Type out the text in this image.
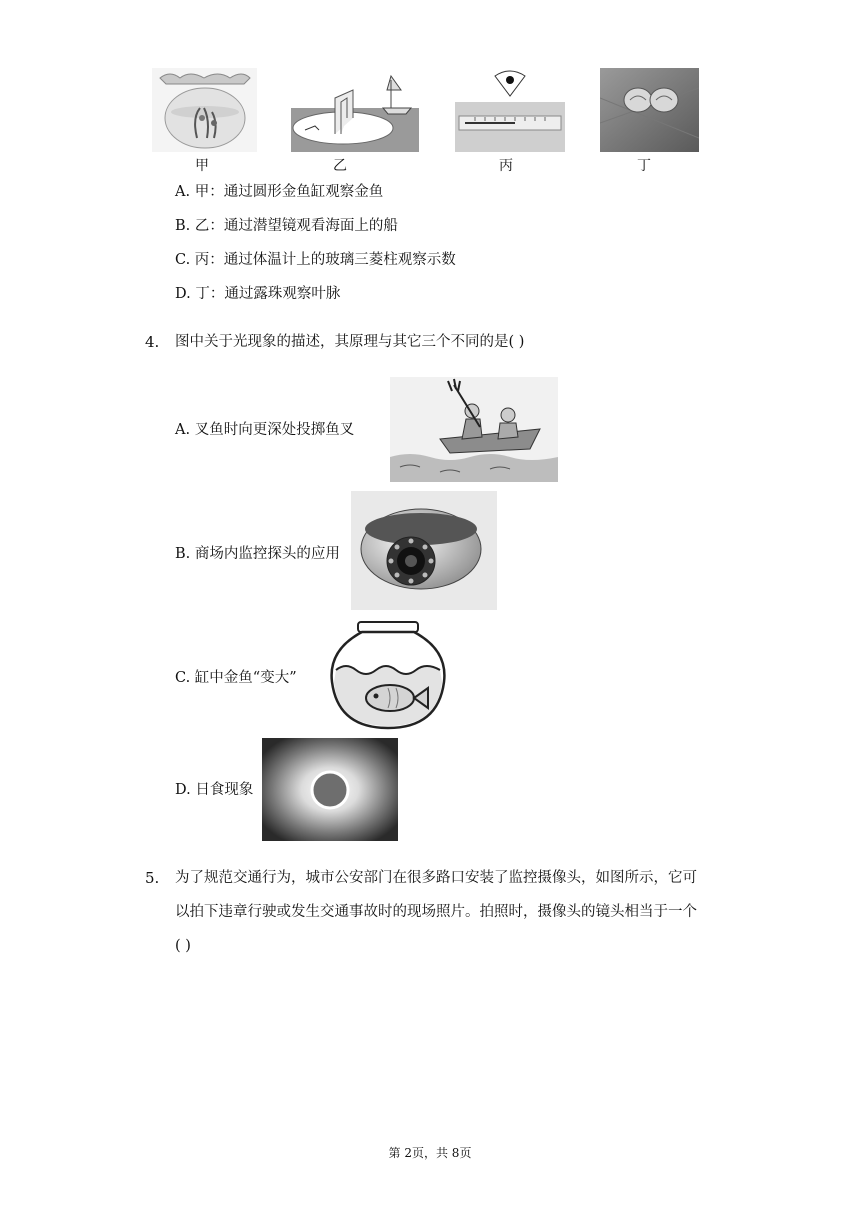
甲	乙	丙	丁
A. 甲：通过圆形金鱼缸观察金鱼
B. 乙：通过潜望镜观看海面上的船
C. 丙：通过体温计上的玻璃三菱柱观察示数
D. 丁：通过露珠观察叶脉
4. 图中关于光现象的描述，其原理与其它三个不同的是( )
A. 叉鱼时向更深处投掷鱼叉
B. 商场内监控探头的应用
C. 缸中金鱼“变大”
D. 日食现象
5. 为了规范交通行为，城市公安部门在很多路口安装了监控摄像头，如图所示，它可
以拍下违章行驶或发生交通事故时的现场照片。拍照时，摄像头的镜头相当于一个
( )
第 2页，共 8页
